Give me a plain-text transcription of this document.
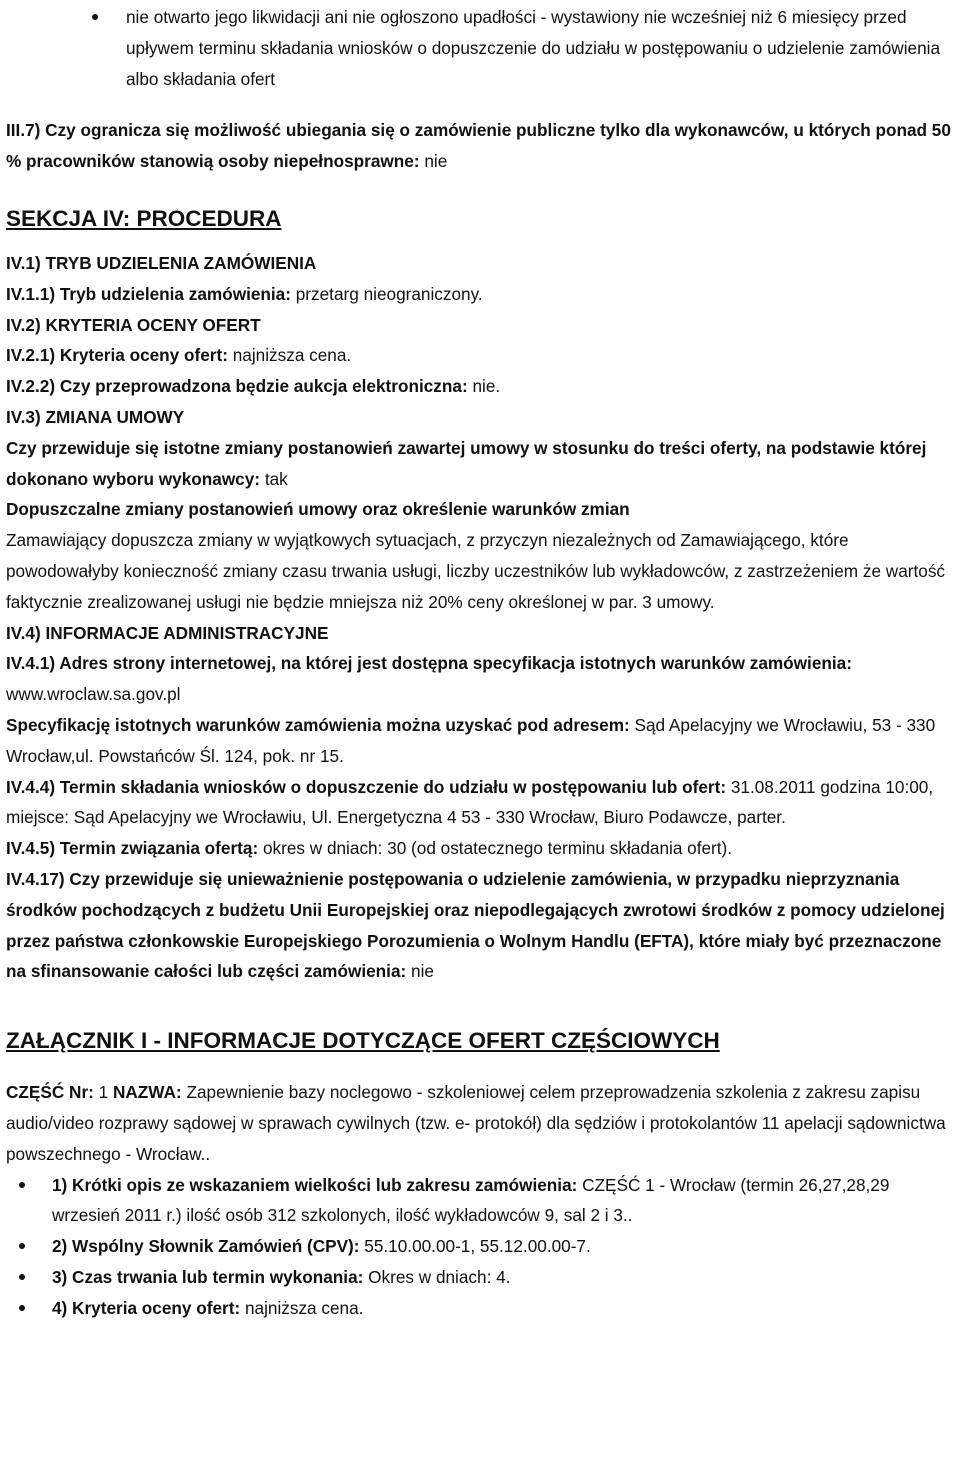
nie otwarto jego likwidacji ani nie ogłoszono upadłości - wystawiony nie wcześniej niż 6 miesięcy przed upływem terminu składania wniosków o dopuszczenie do udziału w postępowaniu o udzielenie zamówienia albo składania ofert

III.7) Czy ogranicza się możliwość ubiegania się o zamówienie publiczne tylko dla wykonawców, u których ponad 50 % pracowników stanowią osoby niepełnosprawne: nie

SEKCJA IV: PROCEDURA

IV.1) TRYB UDZIELENIA ZAMÓWIENIA

IV.1.1) Tryb udzielenia zamówienia: przetarg nieograniczony.

IV.2) KRYTERIA OCENY OFERT

IV.2.1) Kryteria oceny ofert: najniższa cena.

IV.2.2) Czy przeprowadzona będzie aukcja elektroniczna: nie.

IV.3) ZMIANA UMOWY

Czy przewiduje się istotne zmiany postanowień zawartej umowy w stosunku do treści oferty, na podstawie której dokonano wyboru wykonawcy: tak

Dopuszczalne zmiany postanowień umowy oraz określenie warunków zmian

Zamawiający dopuszcza zmiany w wyjątkowych sytuacjach, z przyczyn niezależnych od Zamawiającego, które powodowałyby konieczność zmiany czasu trwania usługi, liczby uczestników lub wykładowców, z zastrzeżeniem że wartość faktycznie zrealizowanej usługi nie będzie mniejsza niż 20% ceny określonej w par. 3 umowy.

IV.4) INFORMACJE ADMINISTRACYJNE

IV.4.1) Adres strony internetowej, na której jest dostępna specyfikacja istotnych warunków zamówienia: www.wroclaw.sa.gov.pl

Specyfikację istotnych warunków zamówienia można uzyskać pod adresem: Sąd Apelacyjny we Wrocławiu, 53 - 330 Wrocław,ul. Powstańców Śl. 124, pok. nr 15.

IV.4.4) Termin składania wniosków o dopuszczenie do udziału w postępowaniu lub ofert: 31.08.2011 godzina 10:00, miejsce: Sąd Apelacyjny we Wrocławiu, Ul. Energetyczna 4 53 - 330 Wrocław, Biuro Podawcze, parter.

IV.4.5) Termin związania ofertą: okres w dniach: 30 (od ostatecznego terminu składania ofert).

IV.4.17) Czy przewiduje się unieważnienie postępowania o udzielenie zamówienia, w przypadku nieprzyznania środków pochodzących z budżetu Unii Europejskiej oraz niepodlegających zwrotowi środków z pomocy udzielonej przez państwa członkowskie Europejskiego Porozumienia o Wolnym Handlu (EFTA), które miały być przeznaczone na sfinansowanie całości lub części zamówienia: nie

ZAŁĄCZNIK I - INFORMACJE DOTYCZĄCE OFERT CZĘŚCIOWYCH

CZĘŚĆ Nr: 1 NAZWA: Zapewnienie bazy noclegowo - szkoleniowej celem przeprowadzenia szkolenia z zakresu zapisu audio/video rozprawy sądowej w sprawach cywilnych (tzw. e- protokół) dla sędziów i protokolantów 11 apelacji sądownictwa powszechnego - Wrocław..

1) Krótki opis ze wskazaniem wielkości lub zakresu zamówienia: CZĘŚĆ 1 - Wrocław (termin 26,27,28,29 wrzesień 2011 r.) ilość osób 312 szkolonych, ilość wykładowców 9, sal 2 i 3..
2) Wspólny Słownik Zamówień (CPV): 55.10.00.00-1, 55.12.00.00-7.
3) Czas trwania lub termin wykonania: Okres w dniach: 4.
4) Kryteria oceny ofert: najniższa cena.
